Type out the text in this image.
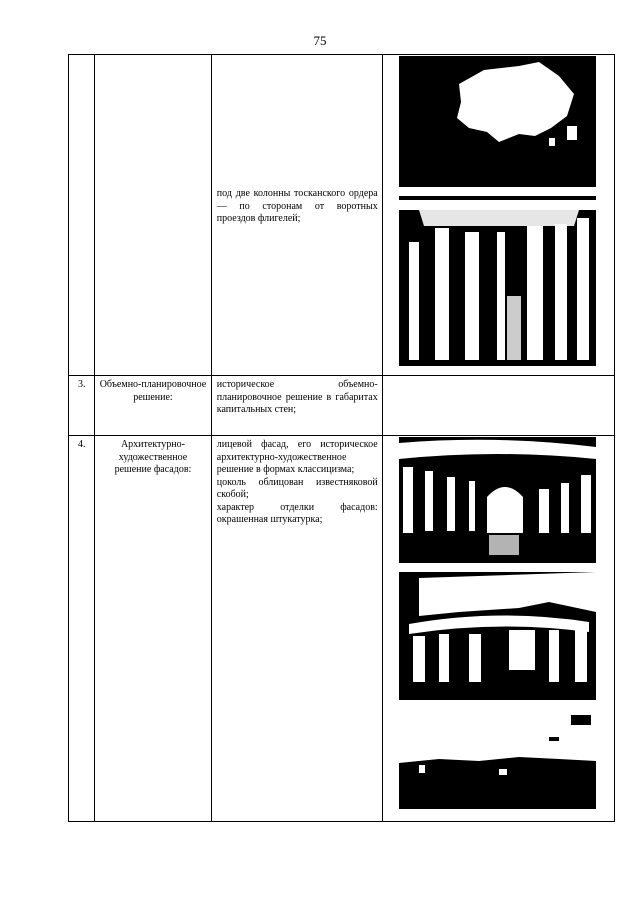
75
		под две колонны тосканского ордера — по сторонам от воротных проездов флигелей;	

3.	Объемно-планировочное решение:	историческое объемно-планировочное решение в габаритах капитальных стен;	
4.	Архитектурно-художественное решение фасадов:	лицевой фасад, его историческое архитектурно-художественное решение в формах классицизма;

цоколь облицован известняковой скобой;

характер отделки фасадов: окрашенная штукатурка;
